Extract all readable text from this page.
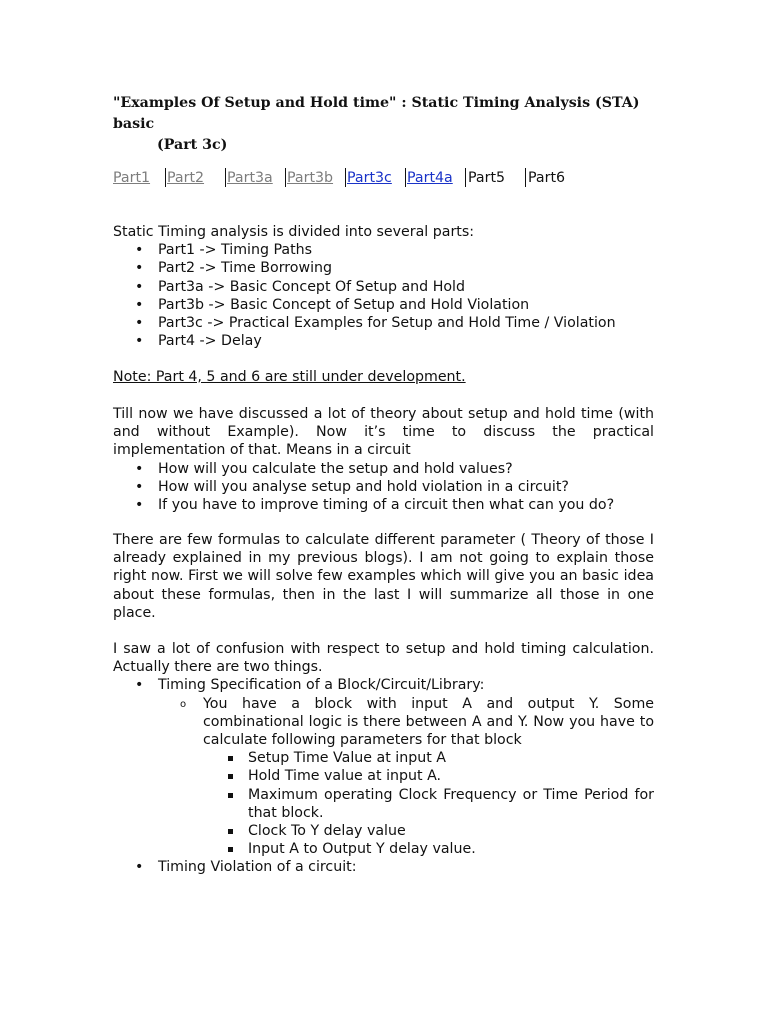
"Examples Of Setup and Hold time" : Static Timing Analysis (STA) basic
(Part 3c)
Part1 Part2 Part3a Part3b Part3c Part4a Part5 Part6

Static Timing analysis is divided into several parts:

• Part1 -> Timing Paths
• Part2 -> Time Borrowing
• Part3a -> Basic Concept Of Setup and Hold
• Part3b -> Basic Concept of Setup and Hold Violation
• Part3c -> Practical Examples for Setup and Hold Time / Violation
• Part4 -> Delay

Note: Part 4, 5 and 6 are still under development.

Till now we have discussed a lot of theory about setup and hold time (with and without Example). Now it’s time to discuss the practical implementation of that. Means in a circuit

• How will you calculate the setup and hold values?
• How will you analyse setup and hold violation in a circuit?
• If you have to improve timing of a circuit then what can you do?

There are few formulas to calculate different parameter ( Theory of those I already explained in my previous blogs). I am not going to explain those right now. First we will solve few examples which will give you an basic idea about these formulas, then in the last I will summarize all those in one place.

I saw a lot of confusion with respect to setup and hold timing calculation. Actually there are two things.

• Timing Specification of a Block/Circuit/Library:
o You have a block with input A and output Y. Some combinational logic is there between A and Y. Now you have to calculate following parameters for that block
Setup Time Value at input A
Hold Time value at input A.
Maximum operating Clock Frequency or Time Period for that block.
Clock To Y delay value
Input A to Output Y delay value.
• Timing Violation of a circuit:
